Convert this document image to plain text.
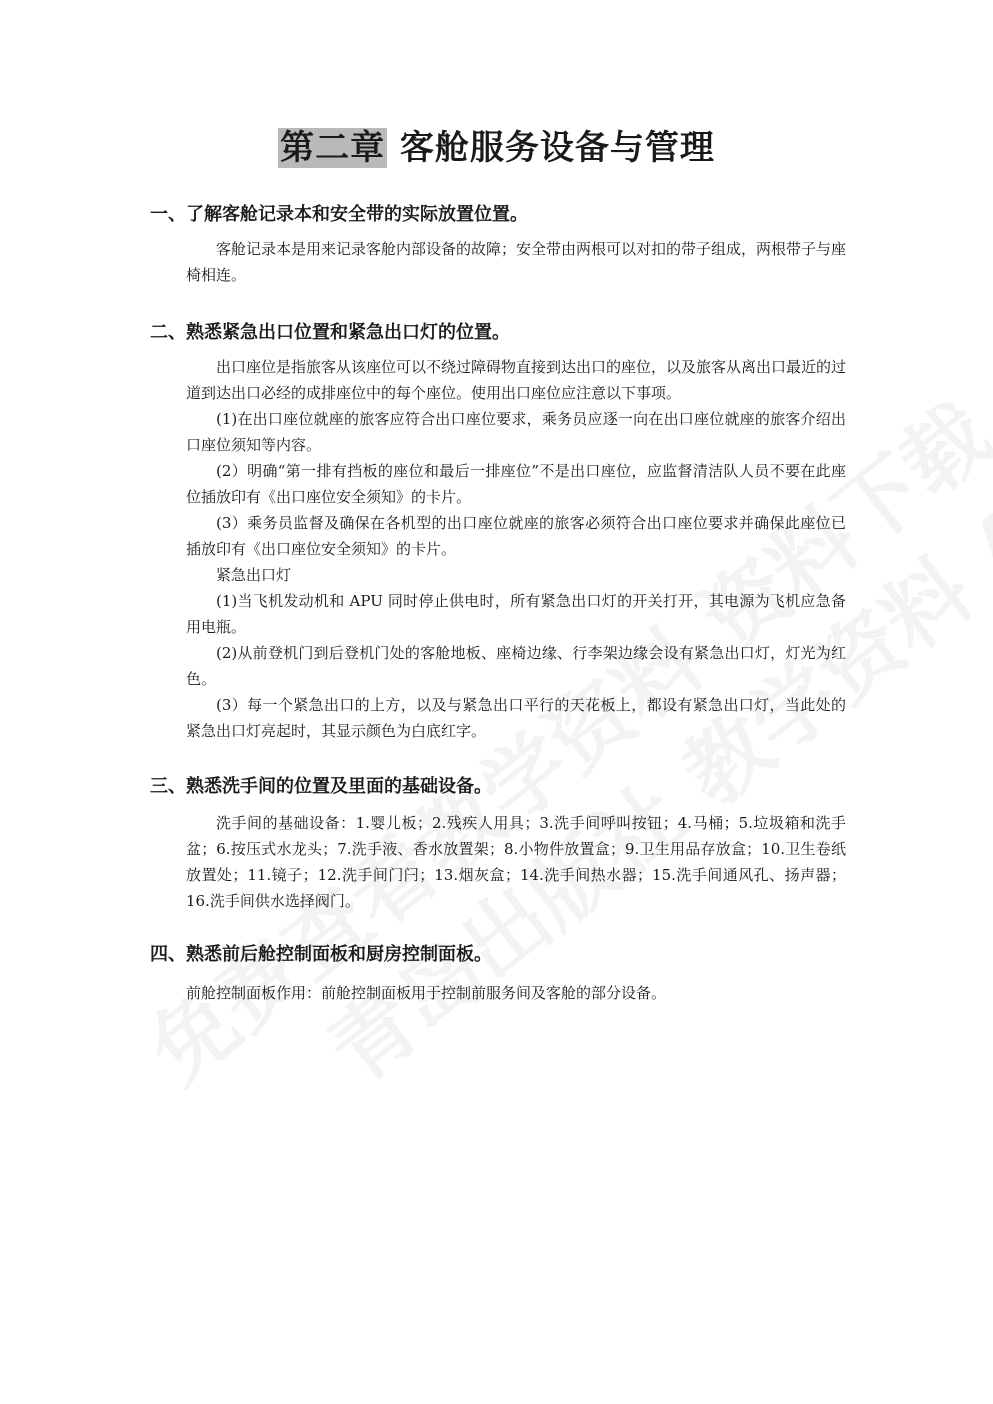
第二章 客舱服务设备与管理
一、了解客舱记录本和安全带的实际放置位置。

客舱记录本是用来记录客舱内部设备的故障；安全带由两根可以对扣的带子组成，两根带子与座椅相连。

二、熟悉紧急出口位置和紧急出口灯的位置。

出口座位是指旅客从该座位可以不绕过障碍物直接到达出口的座位，以及旅客从离出口最近的过道到达出口必经的成排座位中的每个座位。使用出口座位应注意以下事项。

(1)在出口座位就座的旅客应符合出口座位要求，乘务员应逐一向在出口座位就座的旅客介绍出口座位须知等内容。

(2）明确“第一排有挡板的座位和最后一排座位”不是出口座位，应监督清洁队人员不要在此座位插放印有《出口座位安全须知》的卡片。

(3）乘务员监督及确保在各机型的出口座位就座的旅客必须符合出口座位要求并确保此座位已插放印有《出口座位安全须知》的卡片。

紧急出口灯

(1)当飞机发动机和 APU 同时停止供电时，所有紧急出口灯的开关打开，其电源为飞机应急备用电瓶。

(2)从前登机门到后登机门处的客舱地板、座椅边缘、行李架边缘会设有紧急出口灯，灯光为红色。

(3）每一个紧急出口的上方，以及与紧急出口平行的天花板上，都设有紧急出口灯，当此处的紧急出口灯亮起时，其显示颜色为白底红字。

三、熟悉洗手间的位置及里面的基础设备。

洗手间的基础设备：1.婴儿板；2.残疾人用具；3.洗手间呼叫按钮；4.马桶；5.垃圾箱和洗手盆；6.按压式水龙头；7.洗手液、香水放置架；8.小物件放置盒；9.卫生用品存放盒；10.卫生卷纸放置处；11.镜子；12.洗手间门闩；13.烟灰盒；14.洗手间热水器；15.洗手间通风孔、扬声器；16.洗手间供水选择阀门。

四、熟悉前后舱控制面板和厨房控制面板。

前舱控制面板作用：前舱控制面板用于控制前服务间及客舱的部分设备。
